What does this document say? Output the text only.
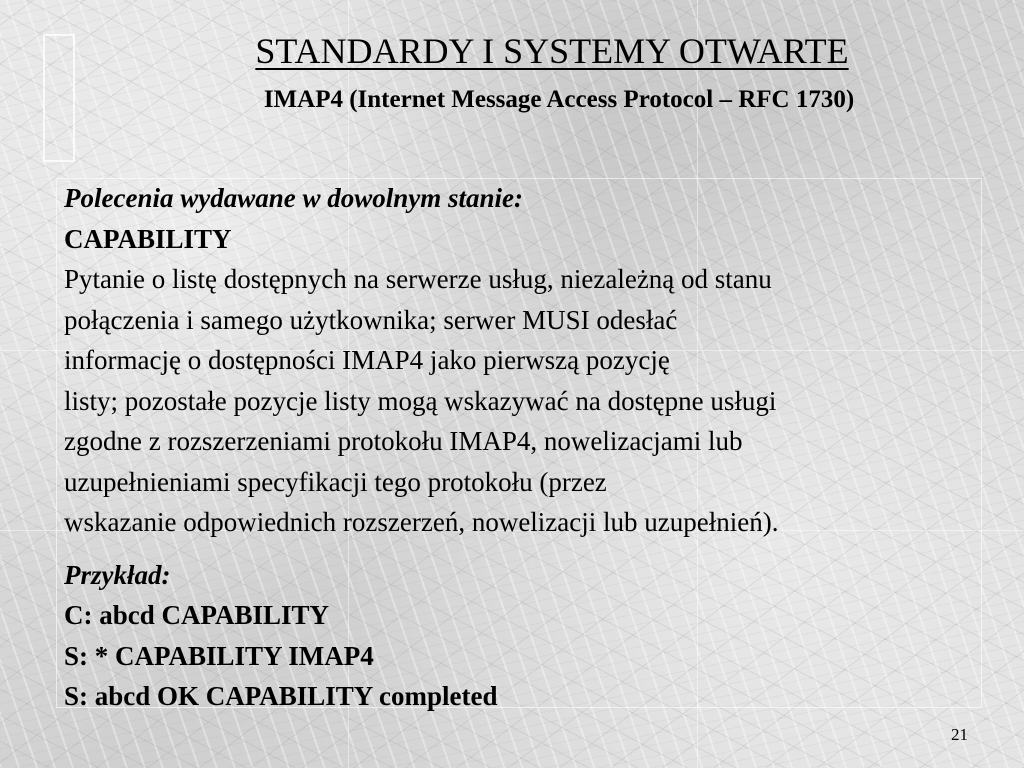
STANDARDY I SYSTEMY OTWARTE
IMAP4 (Internet Message Access Protocol – RFC 1730)

Polecenia wydawane w dowolnym stanie:

CAPABILITY

Pytanie o listę dostępnych na serwerze usług, niezależną od stanu

połączenia i samego użytkownika; serwer MUSI odesłać

informację o dostępności IMAP4 jako pierwszą pozycję

listy; pozostałe pozycje listy mogą wskazywać na dostępne usługi

zgodne z rozszerzeniami protokołu IMAP4, nowelizacjami lub

uzupełnieniami specyfikacji tego protokołu (przez

wskazanie odpowiednich rozszerzeń, nowelizacji lub uzupełnień).

Przykład:

C: abcd CAPABILITY

S: * CAPABILITY IMAP4

S: abcd OK CAPABILITY completed

21
